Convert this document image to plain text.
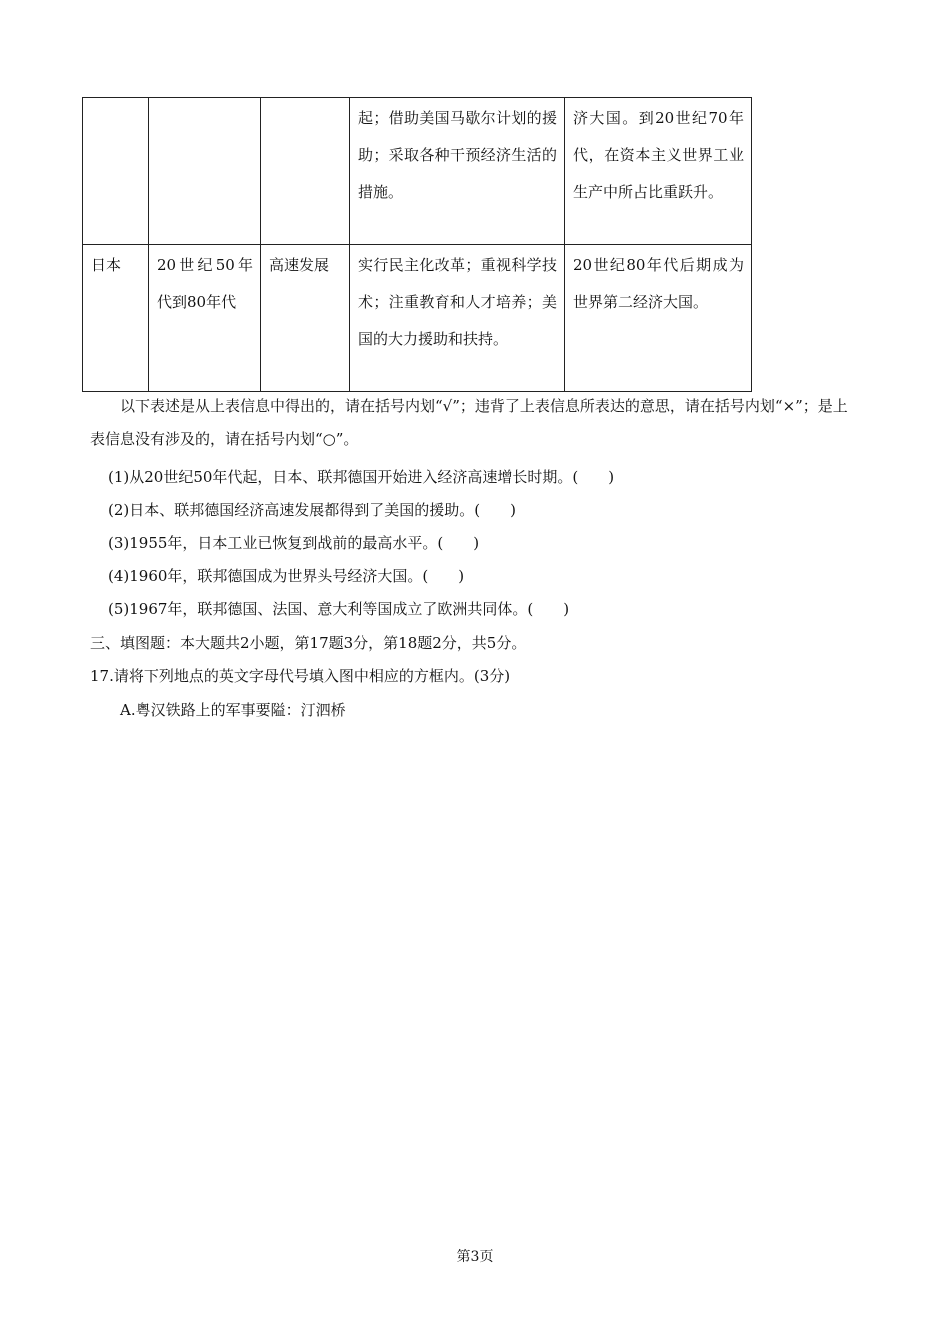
			起；借助美国马歇尔计划的援助；采取各种干预经济生活的措施。	济大国。到20世纪70年代，在资本主义世界工业生产中所占比重跃升。
日本	20世纪50年代到80年代	高速发展	实行民主化改革；重视科学技术；注重教育和人才培养；美国的大力援助和扶持。	20世纪80年代后期成为世界第二经济大国。
以下表述是从上表信息中得出的，请在括号内划“√”；违背了上表信息所表达的意思，请在括号内划“×”；是上表信息没有涉及的，请在括号内划“○”。
(1)从20世纪50年代起，日本、联邦德国开始进入经济高速增长时期。(　　)
(2)日本、联邦德国经济高速发展都得到了美国的援助。(　　)
(3)1955年，日本工业已恢复到战前的最高水平。(　　)
(4)1960年，联邦德国成为世界头号经济大国。(　　)
(5)1967年，联邦德国、法国、意大利等国成立了欧洲共同体。(　　)
三、填图题：本大题共2小题，第17题3分，第18题2分，共5分。
17.请将下列地点的英文字母代号填入图中相应的方框内。(3分)
A.粤汉铁路上的军事要隘：汀泗桥
第3页
